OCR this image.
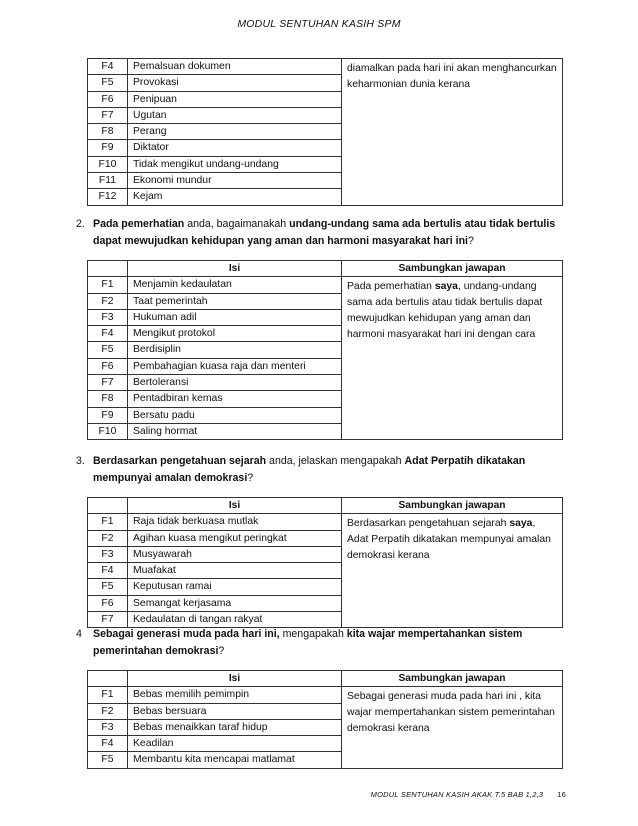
MODUL SENTUHAN KASIH SPM
F4	Pemalsuan dokumen	diamalkan pada hari ini akan menghancurkan keharmonian dunia kerana
F5	Provokasi	
F6	Penipuan	
F7	Ugutan	
F8	Perang	
F9	Diktator	
F10	Tidak mengikut undang-undang	
F11	Ekonomi mundur	
F12	Kejam	
2. Pada pemerhatian anda, bagaimanakah undang-undang sama ada bertulis atau tidak bertulis dapat mewujudkan kehidupan yang aman dan harmoni masyarakat hari ini?
	Isi	Sambungkan jawapan
F1	Menjamin kedaulatan	Pada pemerhatian saya, undang-undang sama ada bertulis atau tidak bertulis dapat mewujudkan kehidupan yang aman dan harmoni masyarakat hari ini dengan cara
F2	Taat pemerintah	
F3	Hukuman adil	
F4	Mengikut protokol	
F5	Berdisiplin	
F6	Pembahagian kuasa raja dan menteri	
F7	Bertoleransi	
F8	Pentadbiran kemas	
F9	Bersatu padu	
F10	Saling hormat	
3. Berdasarkan pengetahuan sejarah anda, jelaskan mengapakah Adat Perpatih dikatakan mempunyai amalan demokrasi?
	Isi	Sambungkan jawapan
F1	Raja tidak berkuasa mutlak	Berdasarkan pengetahuan sejarah saya, Adat Perpatih dikatakan mempunyai amalan demokrasi kerana
F2	Agihan kuasa mengikut peringkat	
F3	Musyawarah	
F4	Muafakat	
F5	Keputusan ramai	
F6	Semangat kerjasama	
F7	Kedaulatan di tangan rakyat	
4 Sebagai generasi muda pada hari ini, mengapakah kita wajar mempertahankan sistem pemerintahan demokrasi?
	Isi	Sambungkan jawapan
F1	Bebas memilih pemimpin	Sebagai generasi muda pada hari ini , kita wajar mempertahankan sistem pemerintahan demokrasi kerana
F2	Bebas bersuara	
F3	Bebas menaikkan taraf hidup	
F4	Keadilan	
F5	Membantu kita mencapai matlamat	
MODUL SENTUHAN KASIH AKAK T.5 BAB 1,2,3 16
